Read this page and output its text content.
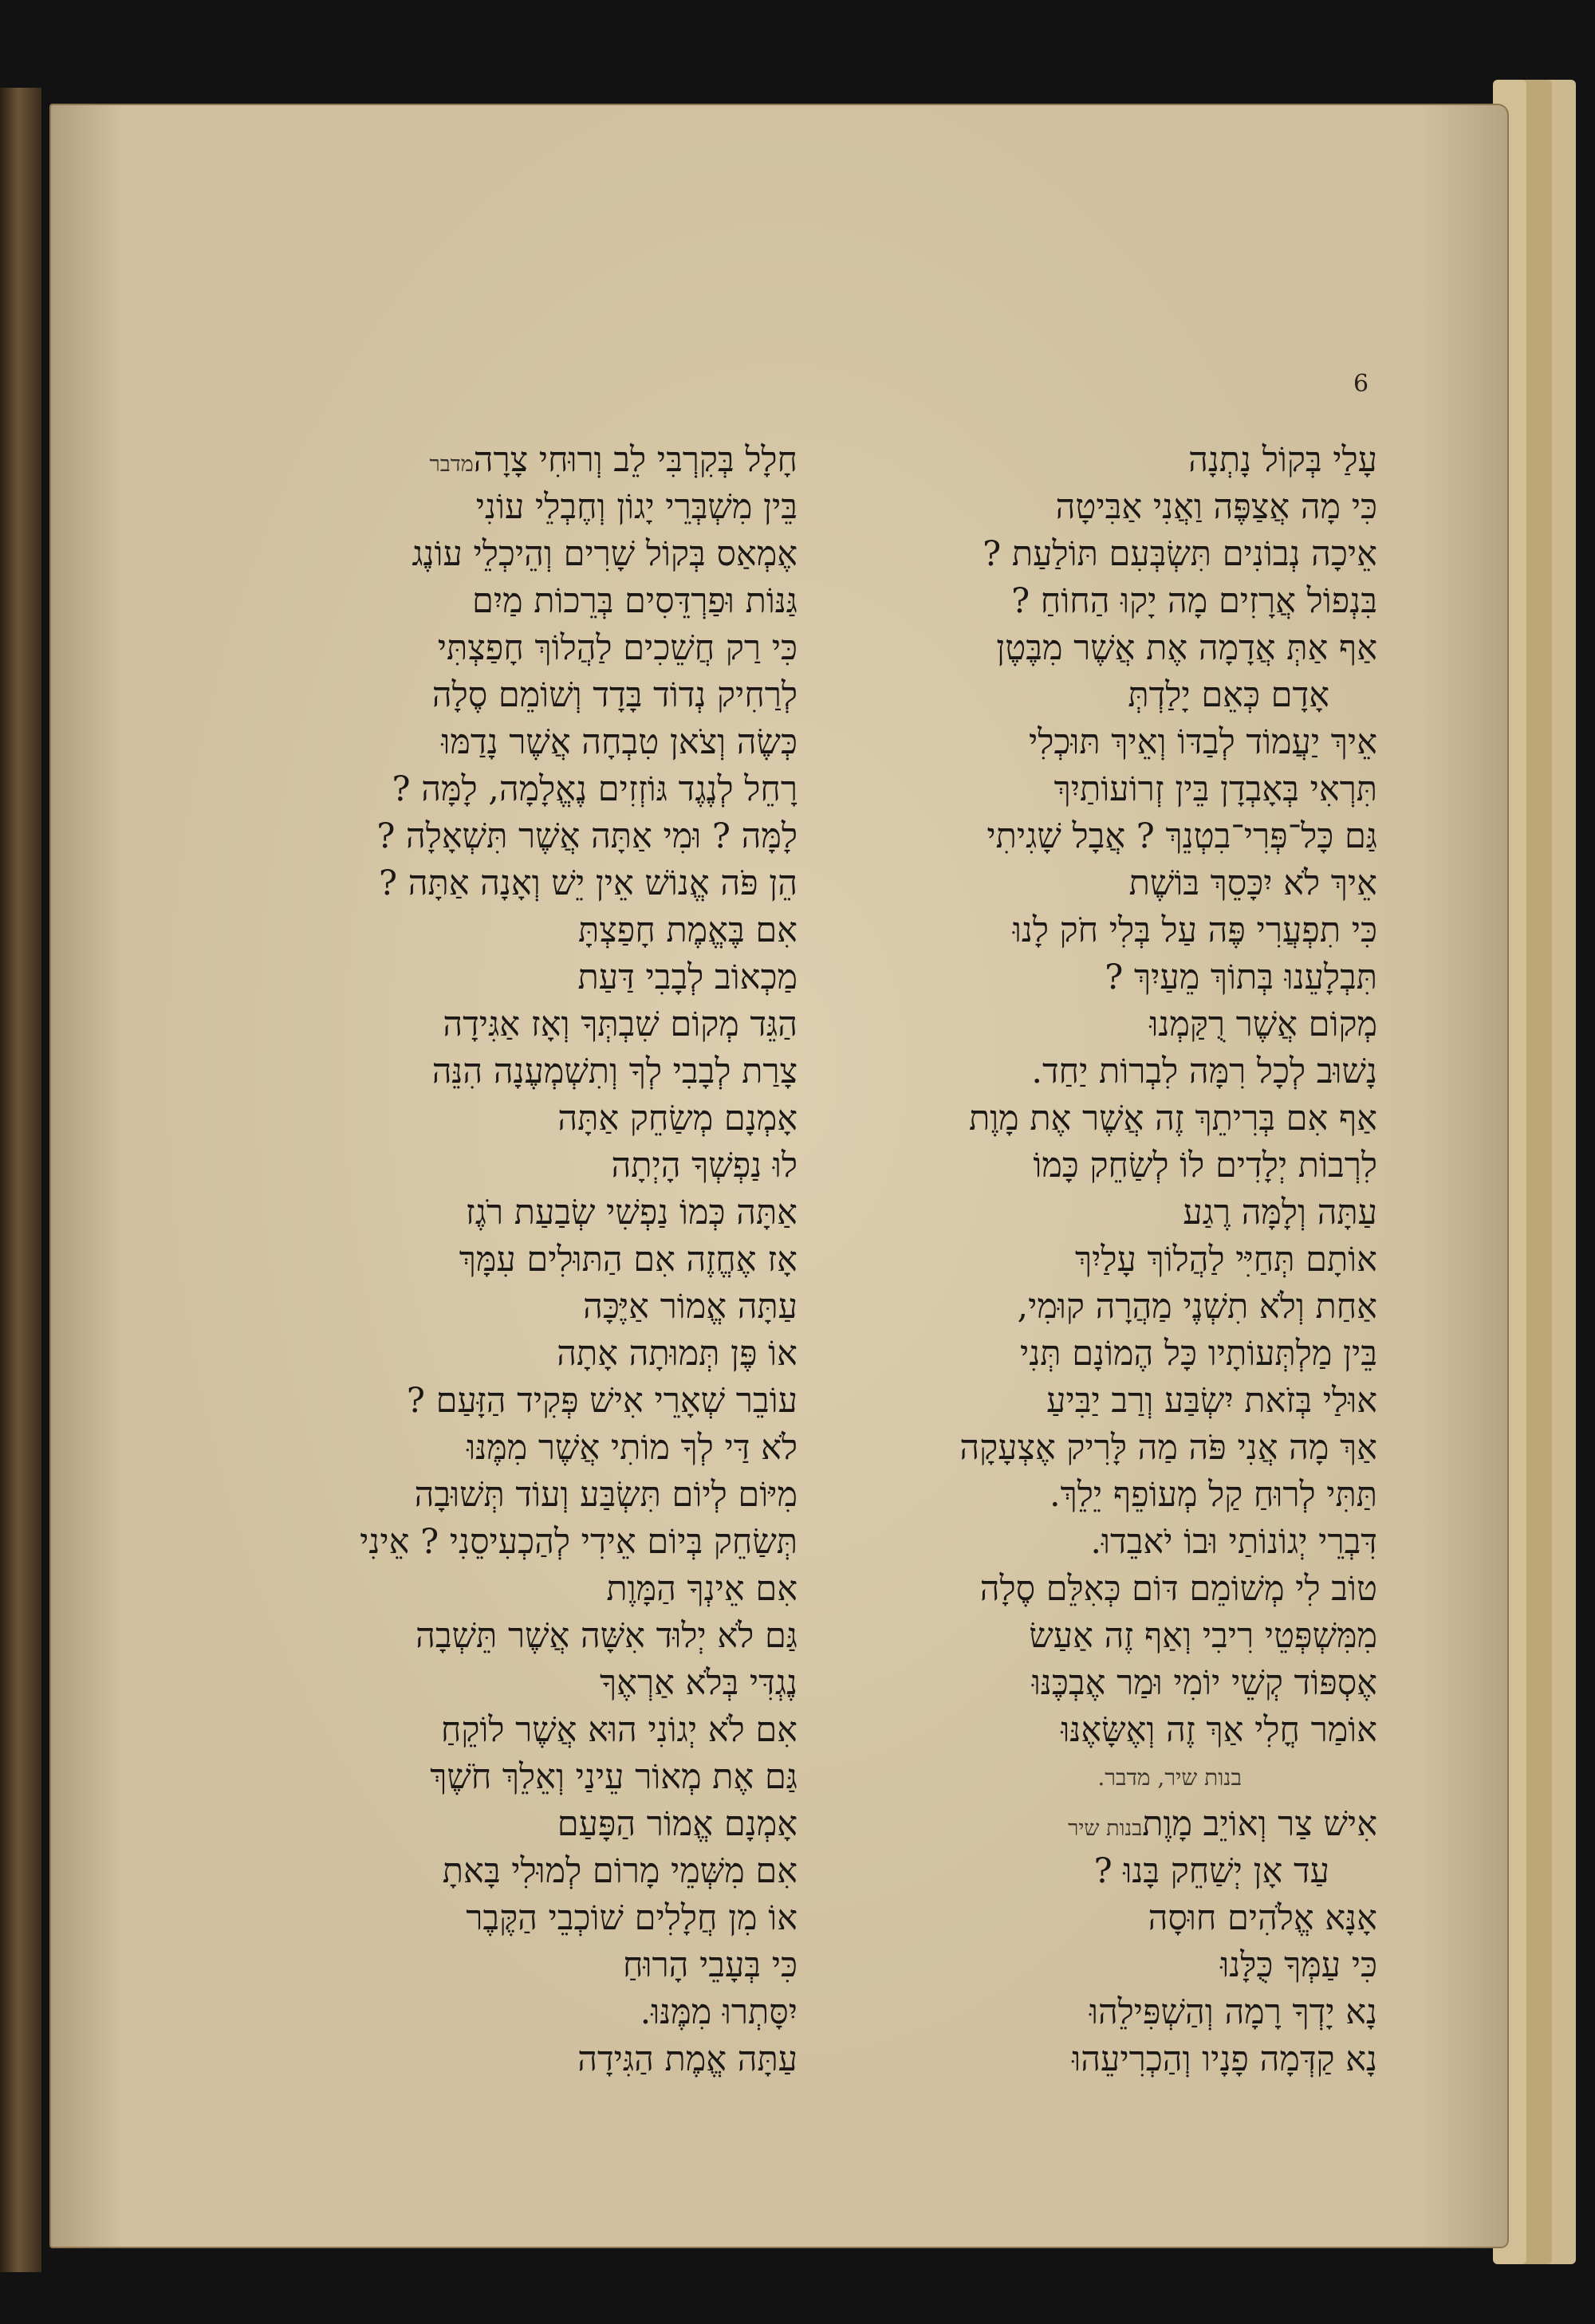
6
עָלַי בְּקוֹל נָתְנָה
כִּי מָה אֲצַפֶּה וַאֲנִי אַבִּיטָה
אֵיכָה נְבוֹנִים תִּשְׂבְּעִם תּוֹלַעַת ?
בִּנְפוֹל אֲרָזִים מָה יָקוּ הַחוֹחַ ?
אַף אַתְּ אֲדָמָה אֶת אֲשֶׁר מִבֶּטֶן
אָדָם כְּאֵם יָלַדְתְּ
אֵיךְ יַעֲמוֹד לְבַדּוֹ וְאֵיךְ תּוּכְלִי
תִּרְאִי בְּאָבְדָן בֵּין זְרוֹעוֹתַיִךְ
גַּם כָּל־פְּרִי־בִטְנֵךְ ? אֲבָל שָׁגִיתִי
אֵיךְ לֹא יִכָּסֵךְ בּוֹשֶׁת
כִּי תִפְעֲרִי פֶּה עַל בְּלִי חֹק לָנוּ
תִּבְלָעֵנוּ בְּתוֹךְ מֵעַיִךְ ?
מְקוֹם אֲשֶׁר רֻקַּמְנוּ
נָשׁוּב לְכָל רִמָּה לִבְרוֹת יַחַד.
אַף אִם בְּרִיתֵךְ זֶה אֲשֶׁר אֶת מָוֶת
לִרְבוֹת יְלָדִים לוֹ לְשַׂחֵק כָּמוֹ
עַתָּה וְלָמָּה רֶגַע
אוֹתָם תְּחַיִּי לַהֲלוֹךְ עָלַיִךְ
אַחַת וְלֹא תִשְׁנֶי מַהֲרָה קוּמִי,
בֵּין מַלְתְּעוֹתָיו כָּל הֶמוֹנָם תְּנִי
אוּלַי בְּזֹאת יִשְׂבַּע וְרַב יַבִּיעַ
אַךְ מָה אֲנִי פֹּה מַה לָּרִיק אֶצְעָקָה
תַּתִּי לְרוּחַ קַל מְעוֹפֵף יֵלֵךְ.
דִּבְרֵי יְגוֹנוֹתַי וּבוֹ יֹאבֵדוּ.
טוֹב לִי מְשׁוֹמֵם דּוֹם כְּאִלֵּם סֶלָה
מִמִּשְׁפְּטֵי רִיבִי וְאַף זֶה אַעַשׂ
אֶסְפּוֹד קְשֵׁי יוֹמִי וּמַר אֶבְכֶּנּוּ
אוֹמַר חֳלִי אַךְ זֶה וְאֶשָּׂאֶנּוּ
בנות שיר, מדבר.
אִישׁ צַר וְאוֹיֵב מָוֶתבנות שיר
עַד אָן יְשַׁחֵק בָּנוּ ?
אָנָּא אֱלֹהִים חוּסָה
כִּי עַמְּךָ כֻּלָּנוּ
נָא יָדְךָ רָמָה וְהַשְׁפִּילֵהוּ
נָא קַדְּמָה פָנָיו וְהַכְרִיעֵהוּ
חָלָל בְּקִרְבִּי לֵב וְרוּחִי צָרָהמדבר
בֵּין מִשְׁבְּרֵי יָגוֹן וְחֶבְלֵי עוֹנִי
אֶמְאַס בְּקוֹל שָׁרִים וְהֵיכְלֵי עוֹנֶג
גַּנּוֹת וּפַרְדֵּסִים בְּרֵכוֹת מַיִם
כִּי רַק חֲשֵׁכִים לַהֲלוֹךְ חָפַצְתִּי
לְרַחִיק נְדוֹד בָּדָד וְשׁוֹמֵם סֶלָה
כְּשֶׂה וְצֹאן טִבְחָה אֲשֶׁר נָדַמּוּ
רָחֵל לְנֶגֶד גּוֹזְזִים נֶאֱלָמָה, לָמָּה ?
לָמָּה ? וּמִי אַתָּה אֲשֶׁר תִּשְׁאָלָה ?
הֵן פֹּה אֱנוֹשׁ אֵין יֵשׁ וְאָנָה אַתָּה ?
אִם בֶּאֱמֶת חָפַצְתָּ
מַכְאוֹב לְבָבִי דַּעַת
הַגֵּד מְקוֹם שִׁבְתְּךָ וְאָז אַגִּידָה
צָרַת לְבָבִי לְךָ וְתִשְׁמְעֶנָה הִנֵּה
אָמְנָם מְשַׂחֵק אַתָּה
לוּ נַפְשְׁךָ הָיְתָה
אַתָּה כְּמוֹ נַפְשִׁי שְׂבַעַת רֹגֶז
אָז אֶחֱזֶה אִם הַתּוּלִים עִמָּךְ
עַתָּה אֱמוֹר אַיֶּכָּה
אוֹ פֶּן תְּמוּתָה אָתָה
עוֹבֵר שְׁאָרֵי אִישׁ פְּקִיד הַזָּעַם ?
לֹא דַּי לְךָ מוֹתִי אֲשֶׁר מִמֶּנּוּ
מִיּוֹם לְיוֹם תִּשְׂבַּע וְעוֹד תְּשׁוּבָה
תְּשַׂחֵק בְּיוֹם אֵידִי לְהַכְעִיסֵנִי ? אֵינִי
אִם אֵינְךָ הַמָּוֶת
גַּם לֹא יְלוּד אִשָּׁה אֲשֶׁר תֵּשְׁבָה
נֶגְדִּי בְּלֹא אַרְאֶךָ
אִם לֹא יְגוֹנִי הוּא אֲשֶׁר לוֹקֵחַ
גַּם אֶת מְאוֹר עֵינַי וְאֵלֵךְ חֹשֶׁךְ
אָמְנָם אֱמוֹר הַפָּעַם
אִם מִשְּׁמֵי מָרוֹם לְמוּלִי בָּאתָ
אוֹ מִן חֲלָלִים שׁוֹכְבֵי הַקֶּבֶר
כִּי בְּעָבֵי הָרוּחַ
יִסָּתְרוּ מִמֶּנּוּ.
עַתָּה אֱמֶת הַגִּידָה
